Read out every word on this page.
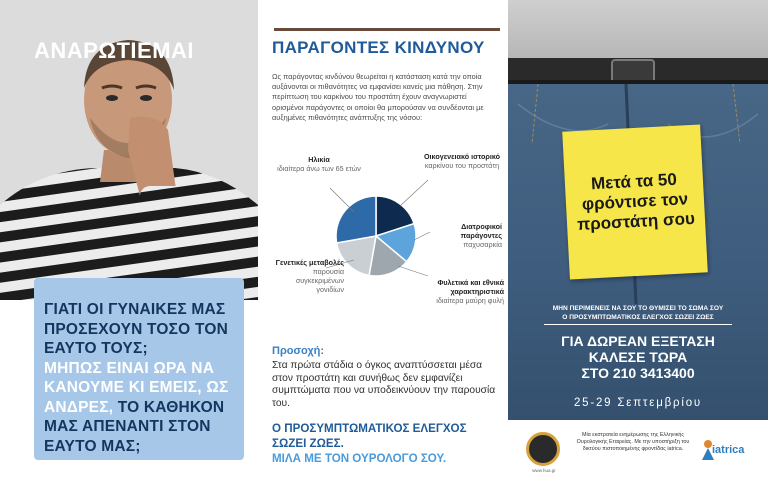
ΑΝΑΡΩΤΙΕΜΑΙ
ΓΙΑΤΙ ΟΙ ΓΥΝΑΙΚΕΣ ΜΑΣ
ΠΡΟΣΕΧΟΥΝ ΤΟΣΟ ΤΟΝ
ΕΑΥΤΟ ΤΟΥΣ;
ΜΗΠΩΣ ΕΙΝΑΙ ΩΡΑ ΝΑ
ΚΑΝΟΥΜΕ ΚΙ ΕΜΕΙΣ, ΩΣ
ΑΝΔΡΕΣ, ΤΟ ΚΑΘΗΚΟΝ
ΜΑΣ ΑΠΕΝΑΝΤΙ ΣΤΟΝ
ΕΑΥΤΟ ΜΑΣ;
ΠΑΡΑΓΟΝΤΕΣ ΚΙΝΔΥΝΟΥ
Ως παράγοντας κινδύνου θεωρείται η κατάσταση κατά την οποία αυξάνονται οι πιθανότητες να εμφανίσει κανείς μια πάθηση. Στην περίπτωση του καρκίνου του προστάτη έχουν αναγνωριστεί ορισμένοι παράγοντες οι οποίοι θα μπορούσαν να συνδέονται με αυξημένες πιθανότητες ανάπτυξης της νόσου:
Ηλικία
ιδιαίτερα άνω των 65 ετών
Οικογενειακό ιστορικό
καρκίνου του προστάτη
Διατροφικοί παράγοντες
παχυσαρκία
Φυλετικά και εθνικά χαρακτηριστικά
ιδιαίτερα μαύρη φυλή
Γενετικές μεταβολές
παρουσία συγκεκριμένων γονιδίων
Προσοχή:
Στα πρώτα στάδια ο όγκος αναπτύσσεται μέσα στον προστάτη και συνήθως δεν εμφανίζει συμπτώματα που να υποδεικνύουν την παρουσία του.
Ο ΠΡΟΣΥΜΠΤΩΜΑΤΙΚΟΣ ΕΛΕΓΧΟΣ ΣΩΖΕΙ ΖΩΕΣ.
ΜΙΛΑ ΜΕ ΤΟΝ ΟΥΡΟΛΟΓΟ ΣΟΥ.
Μετά τα 50 φρόντισε τον προστάτη σου
ΜΗΝ ΠΕΡΙΜΕΝΕΙΣ ΝΑ ΣΟΥ ΤΟ ΘΥΜΙΣΕΙ ΤΟ ΣΩΜΑ ΣΟΥ
Ο ΠΡΟΣΥΜΠΤΩΜΑΤΙΚΟΣ ΕΛΕΓΧΟΣ ΣΩΖΕΙ ΖΩΕΣ
ΓΙΑ ΔΩΡΕΑΝ ΕΞΕΤΑΣΗ
ΚΑΛΕΣΕ ΤΩΡΑ
ΣΤΟ 210 3413400
25-29 Σεπτεμβρίου
www.hua.gr
Μία εκστρατεία ενημέρωσης της Ελληνικής Ουρολογικής Εταιρείας. Με την υποστήριξη του δικτύου πιστοποιημένης φροντίδας iatrica.	iatrica
